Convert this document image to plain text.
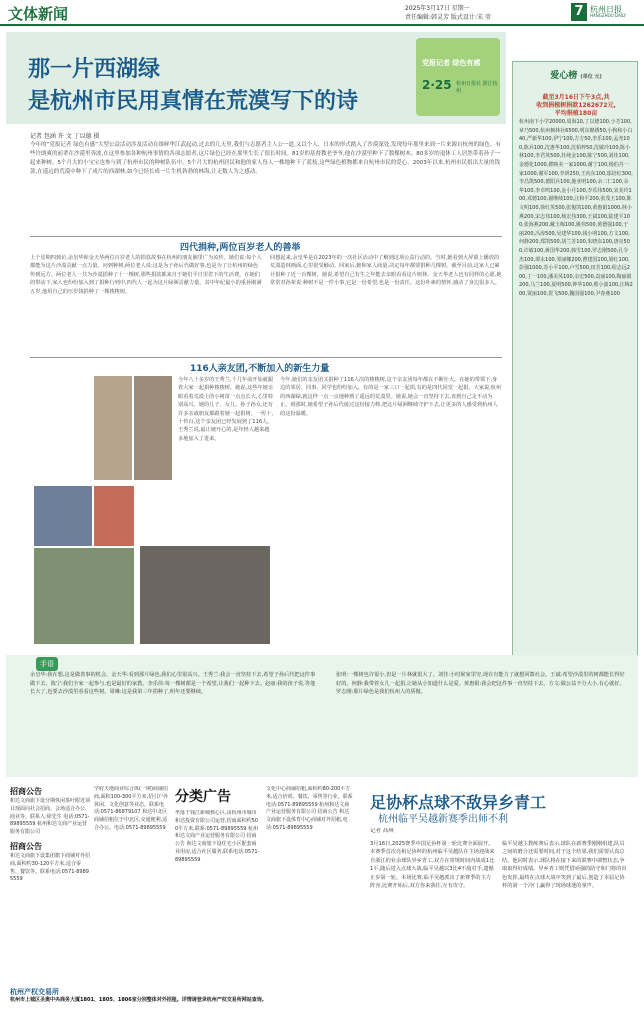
文体新闻	2025年3月17日 星期一
责任编辑:韩灵芳 版式设计:宋 莹	7 杭州日报
HANGZHOU DAILY
那一片西湖绿
是杭州市民用真情在荒漠写下的诗
党报记者 绿色有感
2·25 杭州日报社 浙江杭州
记者 包涵 许 文 丁以德 摄
今年的“党报记者 绿色有感”大型公益活动涉及活动在维鲜华江武起动,过去的几天里,我们与志愿者主人公一道,又以个人、日本的形式踏入了沙漠深处,发现每年那里来到一片来源自杭州的绿色。有些许朗爽的前辈在沙漠里奔波,在这里参加各种杭州事情的各项志愿者,这片绿色已经在那里生长了很长时间。81岁的基督教老爷爷,他在沙漠里种下了数棵树木。80多岁的退休工人居然带着孙子一起来种树。5个月大的小宝宝也参与到了杭州市民的种树队伍中。5个月大的杭州居民和他的家人每人一株地种下了蓝枝,这些绿色植物都来自杭州市民的爱心。2003年以来,杭州市民捐出大量的钱款,在遥远的荒漠中种下了成片的西湖林,如今已经长成一片生机勃勃的林海,让无数人为之感动。
四代捐种,两位百岁老人的善举
上个星期四到访,余皇华和金天华两位百岁老人的捐款故事在杭州的朋友圈里广为流传。她们说:每个人都能为这片沙漠贡献一点力量。问到种树,两位老人说:这是为子孙后代做好事,也是为了让杭州的绿色传到远方。两位老人一共为沙漠捐种了十一棵树,那些捐款都来自于她们平日里省下的生活费。在她们的带动下,家人也纷纷加入到了捐种行列中,四代人一起为这片绿洲贡献力量。其中年纪最小的重孙刚满五岁,他用自己的压岁钱捐种了一棵梭梭树。
回想起来,余皇华是在2023年的一次社区活动中了解到这项公益行动的。当时,她看到大屏幕上播放的荒漠造林画面,心里很受触动。回家后,她和家人商量,决定每年都要捐种几棵树。截至目前,这家人已累计捐种了近一百棵树。她说,希望自己有生之年能去亲眼看看这片树林。金天华老人也有同样的心愿,她常常对孙辈说:种树不是一件小事,它是一份希望,也是一份责任。这份朴素的情怀,感动了身边很多人。
116人亲友团,不断加入的新生力量
今年八十多岁的王秀兰,十几年前开始就跟着大家一起捐种梭梭树。她说,这些年她亲眼看着荒漠上的小树苗一点点长大,心里特别高兴。她的儿子、女儿、孙子孙女,还有许多亲戚朋友都跟着她一起捐树。一传十,十传百,这个亲友团已经发展到了116人。王秀兰说,最让她开心的,是年轻人越来越多地加入了进来。
今年,她们的亲友团又捐种了116人次的梭梭树,这个亲友团每年都在不断壮大。在她的带领下,身边的邻居、同事、同学也纷纷加入。有的是一家三口一起捐,有的是四代同堂一起捐。大家说,杭州的西湖绿,就这样一点一点地种到了遥远的荒漠里。她说,她会一直坚持下去,直到自己走不动为止。到那时,她希望子孙后代接过这份接力棒,把这片绿洲继续守护下去,让更多的人感受到杭州人的这份温暖。
爱心榜 (单位 元)
截至3月16日下午3点,共
收到捐植树捐款1262672元,
平均捐植180亩
杭州南下小学20000,周海10,丁以德100,小芳100,章乃500,杭州枫林社6500,明东棉绣50,小狗和小白40,严新华100,伊宁100,方方50,李乐100,孟尧100,陈兵100,沈惠华100,沈柏梓50,沈敏玲100,陈小林100,李君英500,杜纯金100,陈宁500,刘佳100,金德化1000,瞿映美一家1000,谢宁100,杨伯丹一家1000,谢军100,李妍250,王向东100,邬培红300,李昌凯500,德阳兵100,施亚明100,余二仁100,余华100,李卓鸣100,金小月100,李乐伟500,宋美玲100,邓德100,谢继续100,汪和平200,张茂玉100,陈文明100,徐红英500,张俊凯100,黄惠娟1000,林小燕200,宋志伟100,杨宏伟300,王斌100,陆建平100,张海燕200,戴玉梅100,姚伟500,黄德强100,于丽200,冯涛500,吴建华100,钱小明100,方文100,何静200,郑凯500,胡兰芳100,朱晓东100,唐亮500,许敏100,蒋国华200,韩雪100,罗志刚500,孔令杰100,谭永100,邹丽娜200,曹建国100,梁红100,彭强1000,苏小平100,卢雪500,田芳100,程志远200,丁一100,潘美凤100,余宏500,袁丽100,陶丽娟200,马兰100,夏明500,钟华100,蔡小波100,汪梅200,贾丽100,贺飞500,魏国强100,尹春燕100
手语
余皇华:我在想,这是做善事的机会。金天华:看到那片绿色,我们心里很高兴。王秀兰:我会一直坚持下去,希望子孙后代把这件事做下去。陈宁:我们全家一起参与,也是最好的家教。李乐伟:每一棵树都是一个希望,让我们一起种下去。赵丽:我的孩子说,等他长大了,也要去沙漠里看看这些树。周琳:这是我第三年捐种了,明年还要继续。
张明:一棵树也许很小,但是一片林就很大了。刘佳:小时候家里穷,现在有能力了就想回馈社会。王斌:希望沙漠里的树都能长得好好的。何静:我带着女儿一起捐,让她从小知道什么是爱。黄惠娟:我会把这件事一直坚持下去。方文:做公益不分大小,有心就好。罗志刚:那片绿色是我们杭州人的骄傲。
分类广告
招商公告
和达文商旅下设分期休闲茶叶附近项目现面向社会招商。会场适合办公、商业等。联系人:徐先生 电话:0571-89895559 杭州和达文商产业运营服务有限公司
招商公告
和达文商旅下设集团旗下商铺对外招商,面积约30-120平方米,适合零售、餐饮等。联系电话:0571-89895559
学府天地商业综合体(一期)商铺招商,面积100-300平方米,招引户外休闲、文化创意等业态。联系电话:0571-86879107 和达中北区商铺招租位于中北区,交通便利,适合办公。电话:0571-89895559
坐落于钱江新城核心区,由杭州市城市和达投资有限公司运营,招商面积约500平方米,联系:0571-89895559 杭州和达文商产业运营服务有限公司 招商公告 和达文商旅下设住宅小区配套商业用房,适合社区服务,联系电话:0571-89895559
文化中心商铺招租,面积约80-200平方米,适合培训、餐饮、零售等行业。联系电话:0571-89895559 杭州和达文商产业运营服务有限公司 招商公告 和达文商旅下设体育中心商铺对外招租,电话:0571-89895559
杭州产权交易所
杭州市上城区圣奥中央商务大厦1801、1805、1806室分别整体对外招租。详情请登录杭州产权交易所网站查询。
足协杯点球不敌异乡青工
杭州临平吴越新赛季出师不利
记者 高琪
3月16日,2025赛季中国足协杯第一轮比赛全面展开。本赛季首次亮相足协杯的杭州临平吴越队在主场迎战来自浙江的业余球队异乡青工,双方在常规时间内战成1比1平,随后进入点球大战,临平吴越以3比4不敌对手,遗憾止步第一轮。本场比赛,临平吴越派出了新赛季的主力阵容,比赛开始后,双方你来我往,互有攻守。
临平吴越主教练赛后表示,球队在新赛季刚刚组建,队员之间的磨合还需要时间,对于这个结果,我们需要认真总结。他同时表示,球队将在接下来的联赛中调整状态,争取取得好成绩。异乡青工则凭借顽强的防守和门将的出色发挥,最终在点球大战中笑到了最后,创造了本届足协杯的第一个冷门,赢得了现场球迷的掌声。
